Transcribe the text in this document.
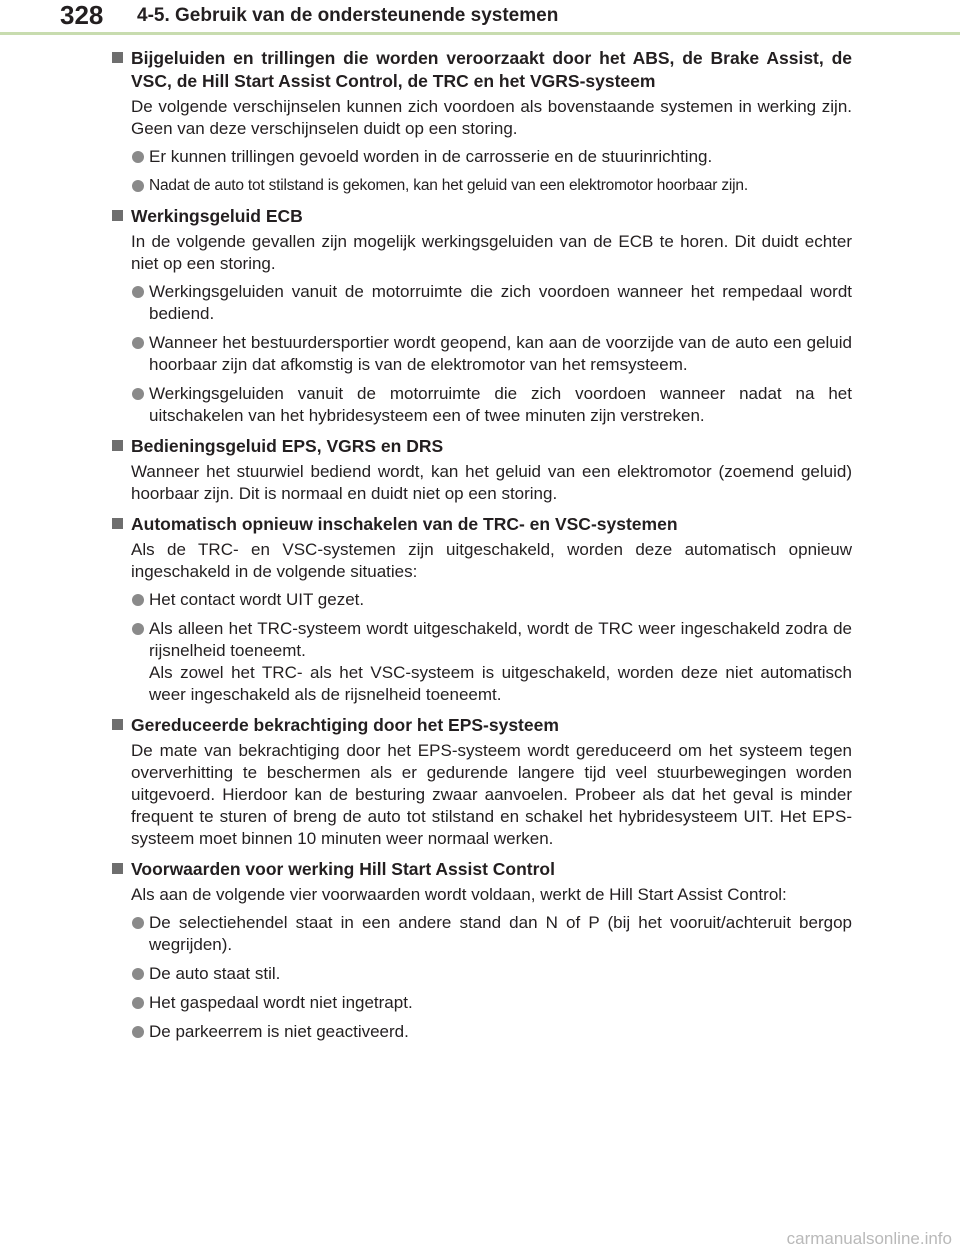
328 4-5. Gebruik van de ondersteunende systemen
Bijgeluiden en trillingen die worden veroorzaakt door het ABS, de Brake Assist, de VSC, de Hill Start Assist Control, de TRC en het VGRS-systeem
De volgende verschijnselen kunnen zich voordoen als bovenstaande systemen in werking zijn. Geen van deze verschijnselen duidt op een storing.
Er kunnen trillingen gevoeld worden in de carrosserie en de stuurinrichting.
Nadat de auto tot stilstand is gekomen, kan het geluid van een elektromotor hoorbaar zijn.
Werkingsgeluid ECB
In de volgende gevallen zijn mogelijk werkingsgeluiden van de ECB te horen. Dit duidt echter niet op een storing.
Werkingsgeluiden vanuit de motorruimte die zich voordoen wanneer het rempedaal wordt bediend.
Wanneer het bestuurdersportier wordt geopend, kan aan de voorzijde van de auto een geluid hoorbaar zijn dat afkomstig is van de elektromotor van het remsysteem.
Werkingsgeluiden vanuit de motorruimte die zich voordoen wanneer nadat na het uitschakelen van het hybridesysteem een of twee minuten zijn verstreken.
Bedieningsgeluid EPS, VGRS en DRS
Wanneer het stuurwiel bediend wordt, kan het geluid van een elektromotor (zoemend geluid) hoorbaar zijn. Dit is normaal en duidt niet op een storing.
Automatisch opnieuw inschakelen van de TRC- en VSC-systemen
Als de TRC- en VSC-systemen zijn uitgeschakeld, worden deze automatisch opnieuw ingeschakeld in de volgende situaties:
Het contact wordt UIT gezet.
Als alleen het TRC-systeem wordt uitgeschakeld, wordt de TRC weer ingeschakeld zodra de rijsnelheid toeneemt.
Als zowel het TRC- als het VSC-systeem is uitgeschakeld, worden deze niet automatisch weer ingeschakeld als de rijsnelheid toeneemt.
Gereduceerde bekrachtiging door het EPS-systeem
De mate van bekrachtiging door het EPS-systeem wordt gereduceerd om het systeem tegen oververhitting te beschermen als er gedurende langere tijd veel stuurbewegingen worden uitgevoerd. Hierdoor kan de besturing zwaar aanvoelen. Probeer als dat het geval is minder frequent te sturen of breng de auto tot stilstand en schakel het hybridesysteem UIT. Het EPS-systeem moet binnen 10 minuten weer normaal werken.
Voorwaarden voor werking Hill Start Assist Control
Als aan de volgende vier voorwaarden wordt voldaan, werkt de Hill Start Assist Control:
De selectiehendel staat in een andere stand dan N of P (bij het vooruit/achteruit bergop wegrijden).
De auto staat stil.
Het gaspedaal wordt niet ingetrapt.
De parkeerrem is niet geactiveerd.
carmanualsonline.info
